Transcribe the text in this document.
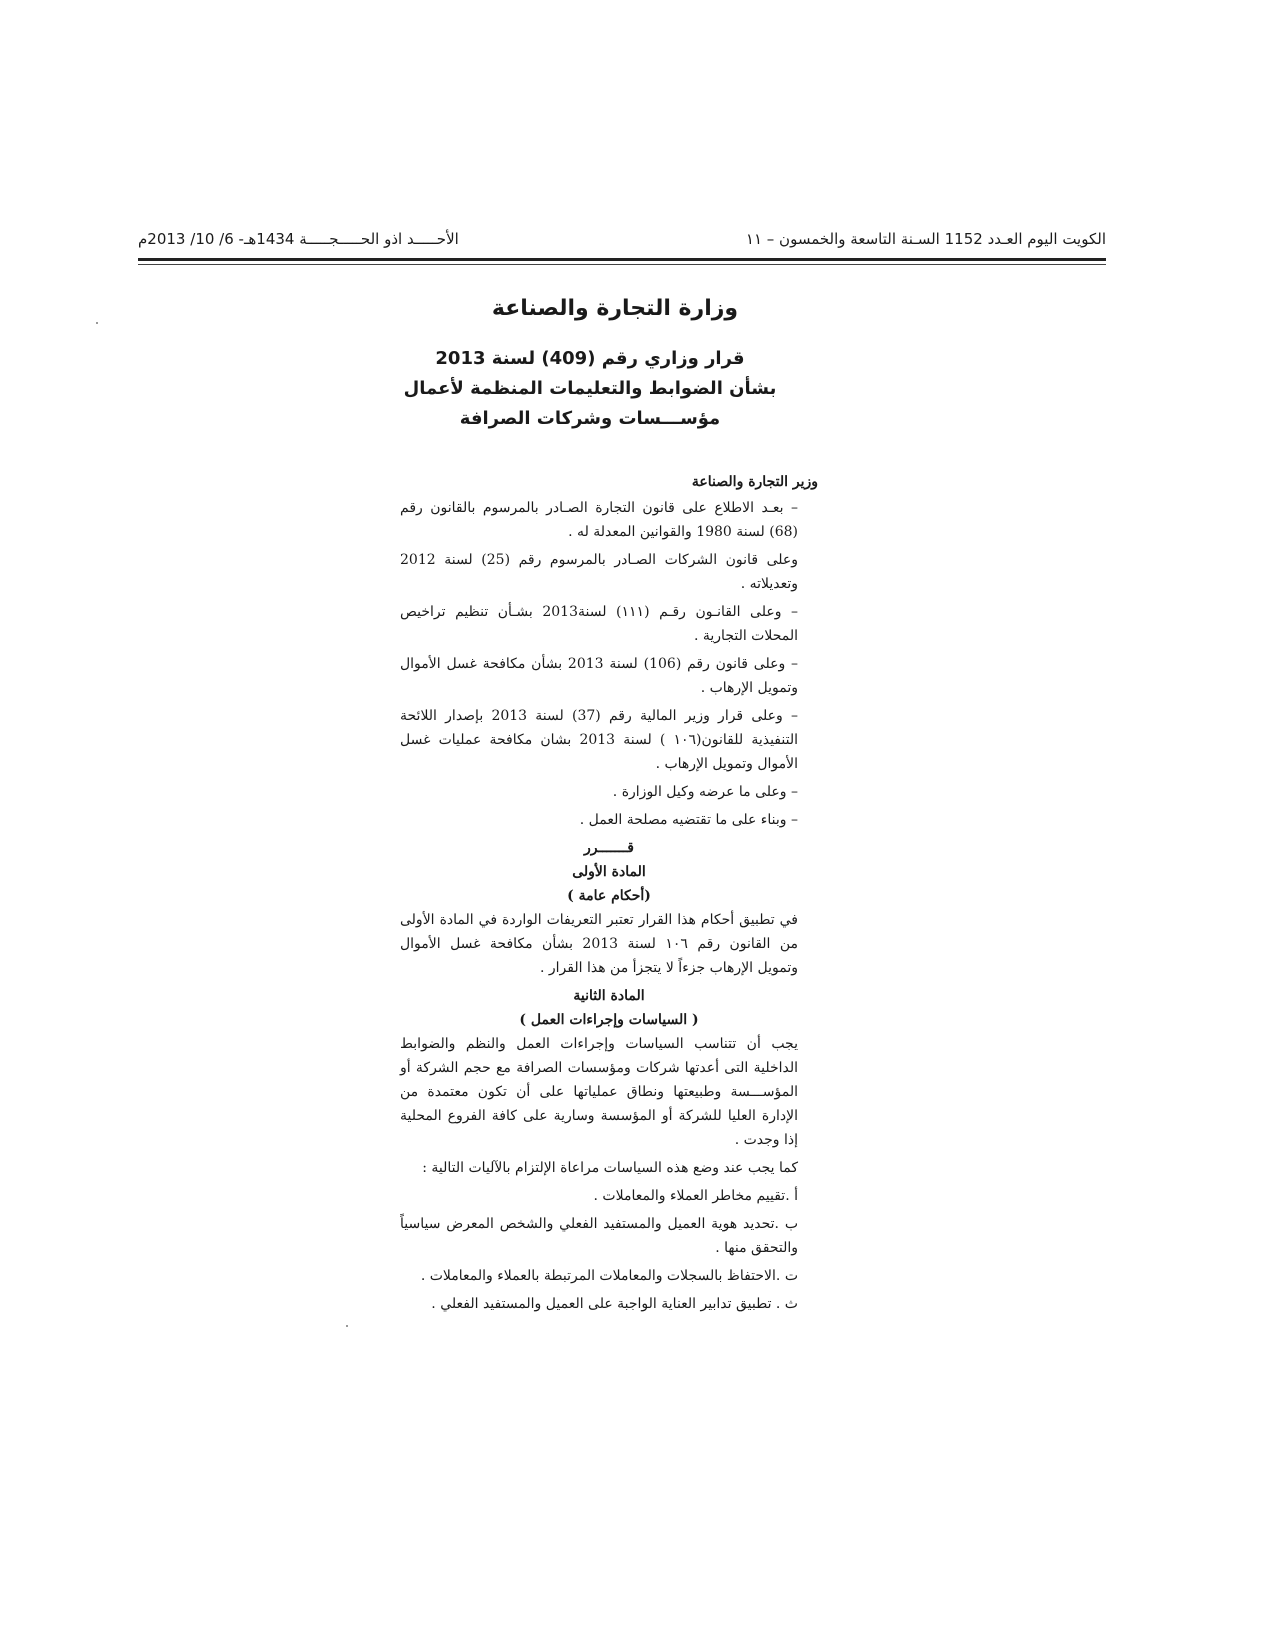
الكويت اليوم العـدد 1152 السـنة التاسعة والخمسون – ١١
الأحـــــد اذو الحـــــجـــــة 1434هـ- 6/ 10/ 2013م
وزارة التجارة والصناعة
قرار وزاري رقم (409) لسنة 2013
بشأن الضوابط والتعليمات المنظمة لأعمال
مؤســـسات وشركات الصرافة

وزير التجارة والصناعة

– بعـد الاطلاع على قانون التجارة الصـادر بالمرسوم بالقانون رقم (68) لسنة 1980 والقوانين المعدلة له .

وعلى قانون الشركات الصـادر بالمرسوم رقم (25) لسنة 2012 وتعديلاته .

– وعلى القانـون رقـم (١١١) لسنة2013 بشـأن تنظيم تراخيص المحلات التجارية .

– وعلى قانون رقم (106) لسنة 2013 بشأن مكافحة غسل الأموال وتمويل الإرهاب .

– وعلى قرار وزير المالية رقم (37) لسنة 2013 بإصدار اللائحة التنفيذية للقانون(١٠٦ ) لسنة 2013 بشان مكافحة عمليات غسل الأموال وتمويل الإرهاب .

– وعلى ما عرضه وكيل الوزارة .

– وبناء على ما تقتضيه مصلحة العمل .

قـــــــرر

المادة الأولى

(أحكام عامة )

في تطبيق أحكام هذا القرار تعتبر التعريفات الواردة في المادة الأولى من القانون رقم ١٠٦ لسنة 2013 بشأن مكافحة غسل الأموال وتمويل الإرهاب جزءاً لا يتجزأ من هذا القرار .

المادة الثانية

( السياسات وإجراءات العمل )

يجب أن تتناسب السياسات وإجراءات العمل والنظم والضوابط الداخلية التى أعدتها شركات ومؤسسات الصرافة مع حجم الشركة أو المؤســـسة وطبيعتها ونطاق عملياتها على أن تكون معتمدة من الإدارة العليا للشركة أو المؤسسة وسارية على كافة الفروع المحلية إذا وجدت .

كما يجب عند وضع هذه السياسات مراعاة الإلتزام بالآليات التالية :

أ .تقييم مخاطر العملاء والمعاملات .

ب .تحديد هوية العميل والمستفيد الفعلي والشخص المعرض سياسياً والتحقق منها .

ت .الاحتفاظ بالسجلات والمعاملات المرتبطة بالعملاء والمعاملات .

ث . تطبيق تدابير العناية الواجبة على العميل والمستفيد الفعلي .
